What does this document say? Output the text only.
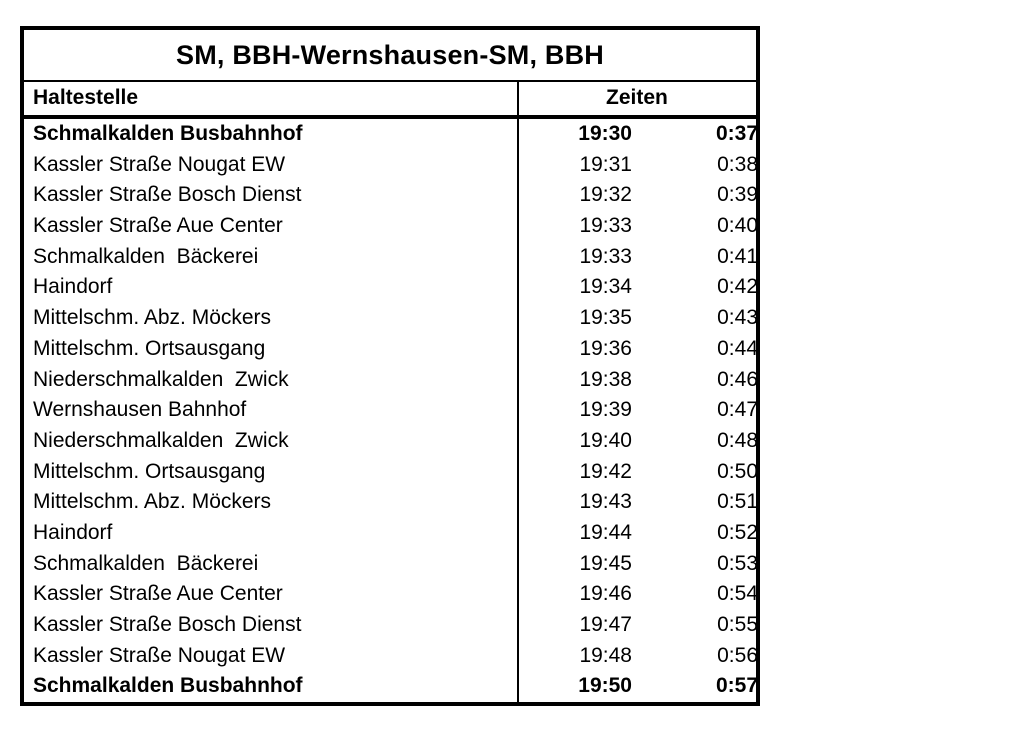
SM, BBH-Wernshausen-SM, BBH
Haltestelle	Zeiten
Schmalkalden Busbahnhof	19:30	0:37
Kassler Straße Nougat EW	19:31	0:38
Kassler Straße Bosch Dienst	19:32	0:39
Kassler Straße Aue Center	19:33	0:40
Schmalkalden  Bäckerei	19:33	0:41
Haindorf	19:34	0:42
Mittelschm. Abz. Möckers	19:35	0:43
Mittelschm. Ortsausgang	19:36	0:44
Niederschmalkalden  Zwick	19:38	0:46
Wernshausen Bahnhof	19:39	0:47
Niederschmalkalden  Zwick	19:40	0:48
Mittelschm. Ortsausgang	19:42	0:50
Mittelschm. Abz. Möckers	19:43	0:51
Haindorf	19:44	0:52
Schmalkalden  Bäckerei	19:45	0:53
Kassler Straße Aue Center	19:46	0:54
Kassler Straße Bosch Dienst	19:47	0:55
Kassler Straße Nougat EW	19:48	0:56
Schmalkalden Busbahnhof	19:50	0:57
